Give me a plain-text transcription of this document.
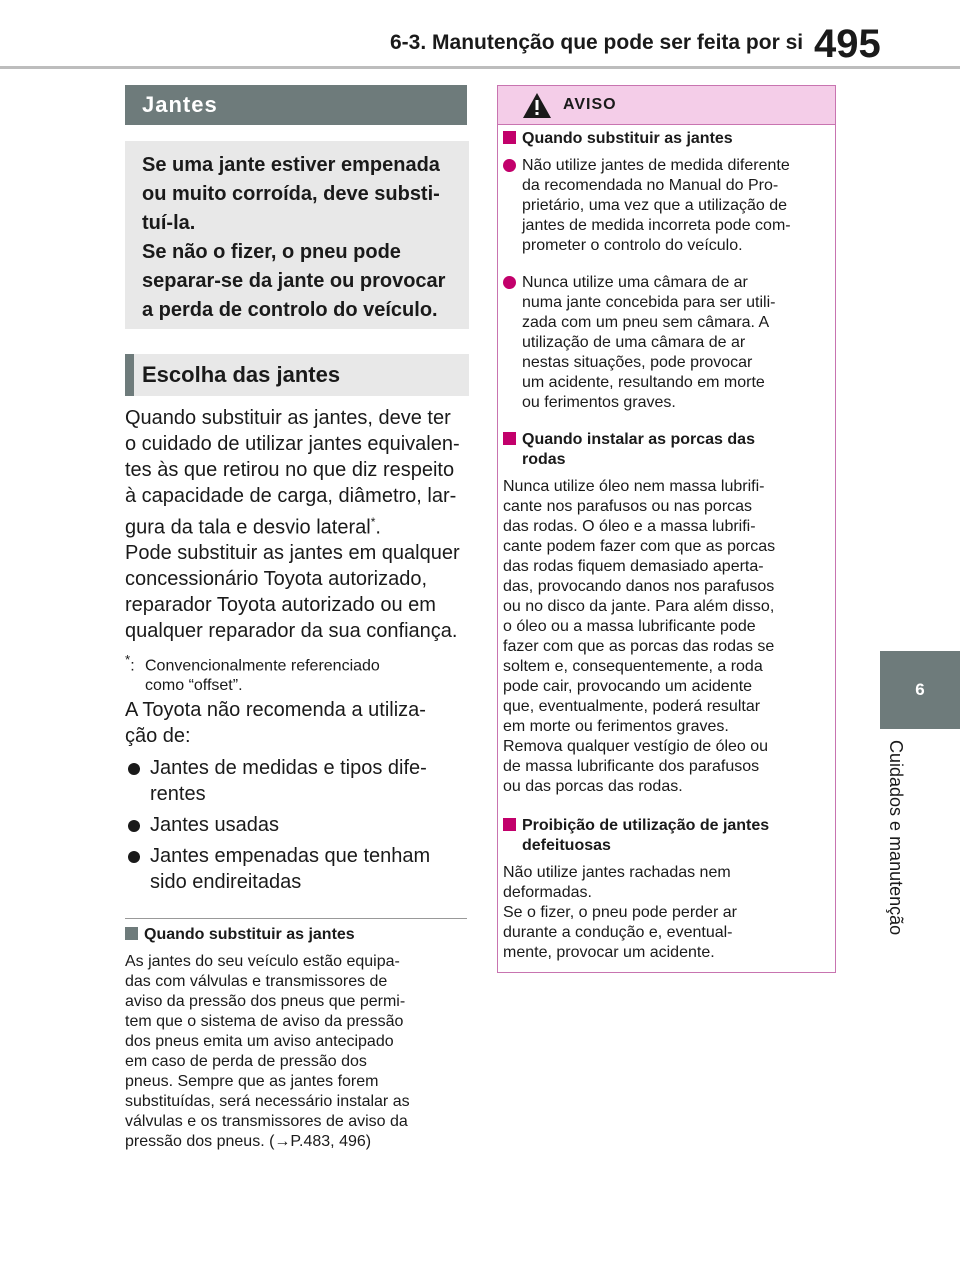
6-3. Manutenção que pode ser feita por si 495
6
Cuidados e manutenção
Jantes
Se uma jante estiver empenada
ou muito corroída, deve substi-
tuí-la.
Se não o fizer, o pneu pode
separar-se da jante ou provocar
a perda de controlo do veículo.
Escolha das jantes
Quando substituir as jantes, deve ter
o cuidado de utilizar jantes equivalen-
tes às que retirou no que diz respeito
à capacidade de carga, diâmetro, lar-
gura da tala e desvio lateral*.
Pode substituir as jantes em qualquer
concessionário Toyota autorizado,
reparador Toyota autorizado ou em
qualquer reparador da sua confiança.
*: Convencionalmente referenciado
como “offset”.
A Toyota não recomenda a utiliza-
ção de:
Jantes de medidas e tipos dife-
rentes
Jantes usadas
Jantes empenadas que tenham
sido endireitadas
Quando substituir as jantes
As jantes do seu veículo estão equipa-
das com válvulas e transmissores de
aviso da pressão dos pneus que permi-
tem que o sistema de aviso da pressão
dos pneus emita um aviso antecipado
em caso de perda de pressão dos
pneus. Sempre que as jantes forem
substituídas, será necessário instalar as
válvulas e os transmissores de aviso da
pressão dos pneus. (→P.483, 496)
AVISO
Quando substituir as jantes
Não utilize jantes de medida diferente
da recomendada no Manual do Pro-
prietário, uma vez que a utilização de
jantes de medida incorreta pode com-
prometer o controlo do veículo.
Nunca utilize uma câmara de ar
numa jante concebida para ser utili-
zada com um pneu sem câmara. A
utilização de uma câmara de ar
nestas situações, pode provocar
um acidente, resultando em morte
ou ferimentos graves.
Quando instalar as porcas das
rodas
Nunca utilize óleo nem massa lubrifi-
cante nos parafusos ou nas porcas
das rodas. O óleo e a massa lubrifi-
cante podem fazer com que as porcas
das rodas fiquem demasiado aperta-
das, provocando danos nos parafusos
ou no disco da jante. Para além disso,
o óleo ou a massa lubrificante pode
fazer com que as porcas das rodas se
soltem e, consequentemente, a roda
pode cair, provocando um acidente
que, eventualmente, poderá resultar
em morte ou ferimentos graves.
Remova qualquer vestígio de óleo ou
de massa lubrificante dos parafusos
ou das porcas das rodas.
Proibição de utilização de jantes
defeituosas
Não utilize jantes rachadas nem
deformadas.
Se o fizer, o pneu pode perder ar
durante a condução e, eventual-
mente, provocar um acidente.
